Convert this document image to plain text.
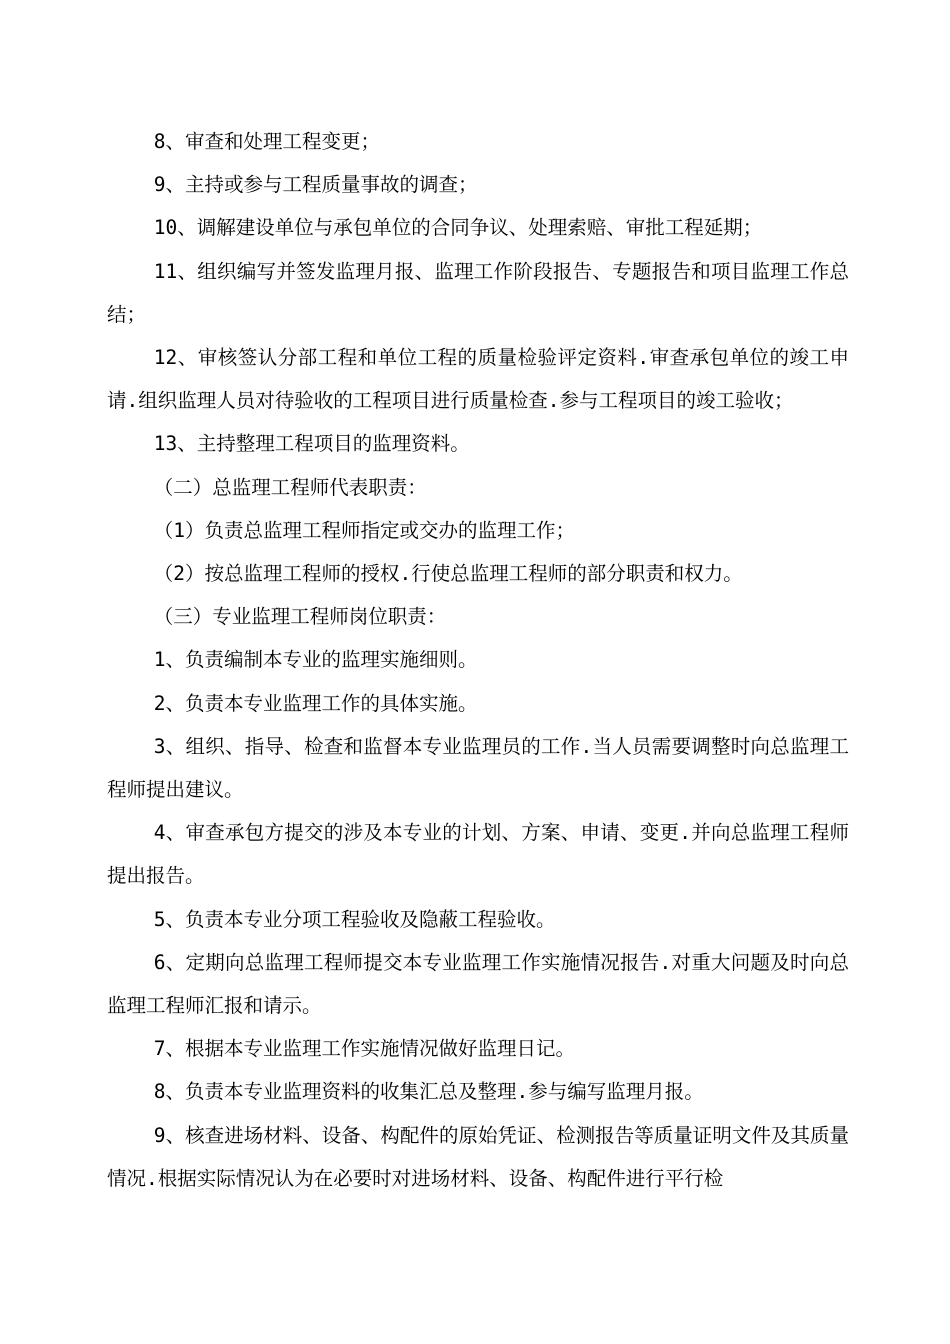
8、审查和处理工程变更；

9、主持或参与工程质量事故的调查；

10、调解建设单位与承包单位的合同争议、处理索赔、审批工程延期；

11、组织编写并签发监理月报、监理工作阶段报告、专题报告和项目监理工作总结；

12、审核签认分部工程和单位工程的质量检验评定资料.审查承包单位的竣工申请.组织监理人员对待验收的工程项目进行质量检查.参与工程项目的竣工验收；

13、主持整理工程项目的监理资料。

（二）总监理工程师代表职责：

（1）负责总监理工程师指定或交办的监理工作；

（2）按总监理工程师的授权.行使总监理工程师的部分职责和权力。

（三）专业监理工程师岗位职责：

1、负责编制本专业的监理实施细则。

2、负责本专业监理工作的具体实施。

3、组织、指导、检查和监督本专业监理员的工作.当人员需要调整时向总监理工程师提出建议。

4、审查承包方提交的涉及本专业的计划、方案、申请、变更.并向总监理工程师提出报告。

5、负责本专业分项工程验收及隐蔽工程验收。

6、定期向总监理工程师提交本专业监理工作实施情况报告.对重大问题及时向总监理工程师汇报和请示。

7、根据本专业监理工作实施情况做好监理日记。

8、负责本专业监理资料的收集汇总及整理.参与编写监理月报。

9、核查进场材料、设备、构配件的原始凭证、检测报告等质量证明文件及其质量情况.根据实际情况认为在必要时对进场材料、设备、构配件进行平行检
